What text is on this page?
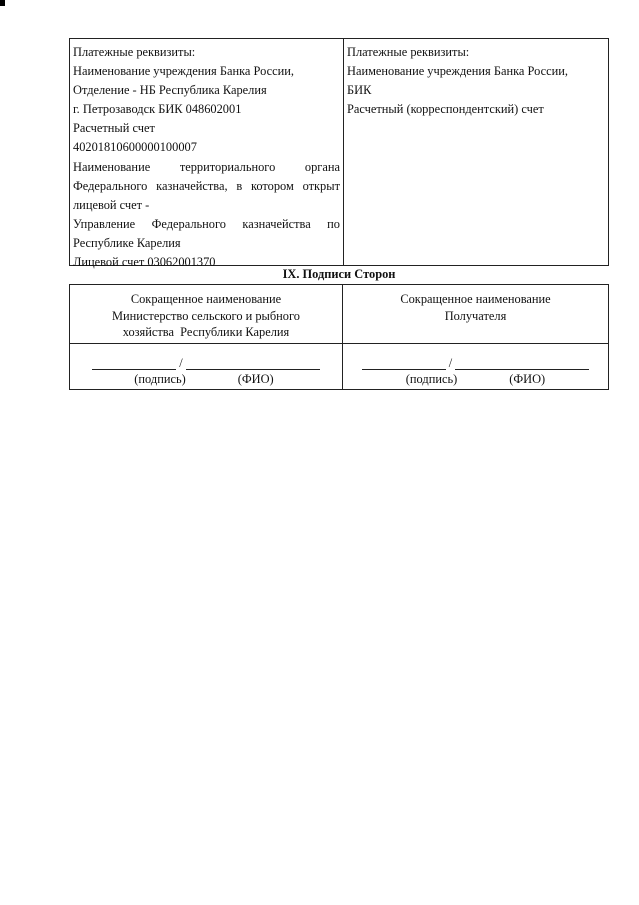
Платежные реквизиты:
Наименование учреждения Банка России,
Отделение - НБ Республика Карелия
г. Петрозаводск БИК 048602001
Расчетный счет
40201810600000100007
Наименование территориального органа
Федерального казначейства, в котором открыт
лицевой счет -
Управление Федерального казначейства по
Республике Карелия
Лицевой счет 03062001370
Платежные реквизиты:
Наименование учреждения Банка России,
БИК
Расчетный (корреспондентский) счет
IX. Подписи Сторон
Сокращенное наименование
Министерство сельского и рыбного
хозяйства  Республики Карелия
Сокращенное наименование
Получателя
/
(подпись)	(ФИО)
/
(подпись)	(ФИО)
